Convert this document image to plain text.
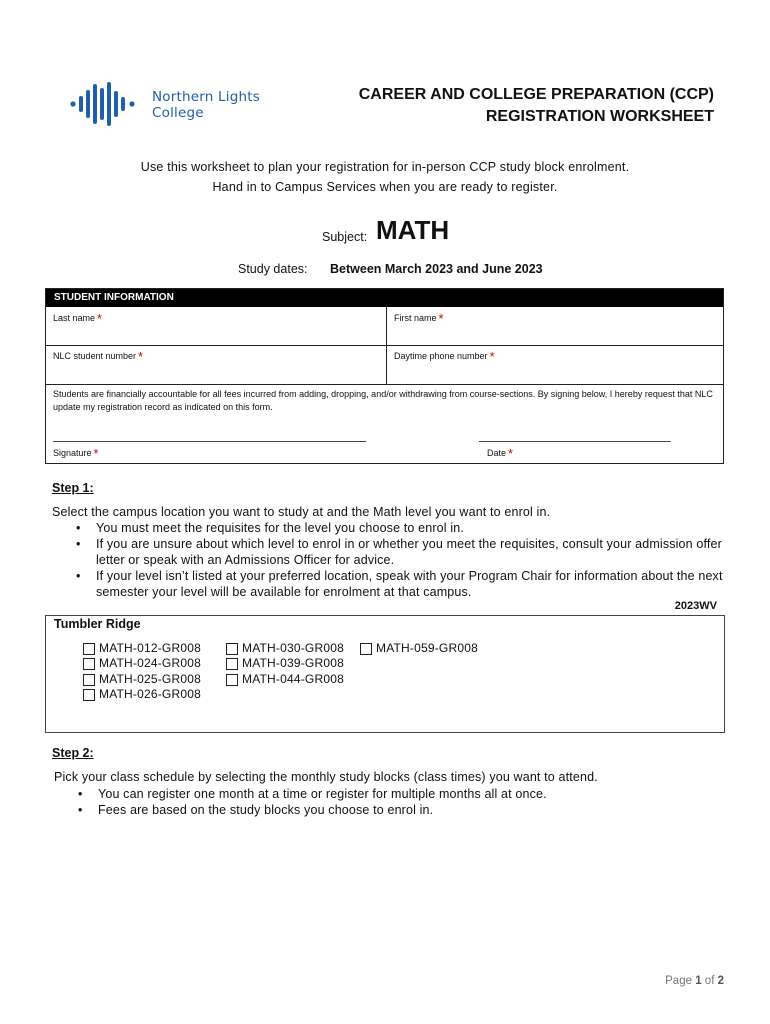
Northern Lights
College
CAREER AND COLLEGE PREPARATION (CCP)
REGISTRATION WORKSHEET
Use this worksheet to plan your registration for in-person CCP study block enrolment.
Hand in to Campus Services when you are ready to register.
Subject: MATH
Study dates: Between March 2023 and June 2023
STUDENT INFORMATION
Last name *	First name *
NLC student number *	Daytime phone number *
Students are financially accountable for all fees incurred from adding, dropping, and/or withdrawing from course-sections. By signing below, I hereby request that NLC update my registration record as indicated on this form.
Signature *	Date *
Step 1:
Select the campus location you want to study at and the Math level you want to enrol in.
• You must meet the requisites for the level you choose to enrol in.
• If you are unsure about which level to enrol in or whether you meet the requisites, consult your admission offer letter or speak with an Admissions Officer for advice.
• If your level isn’t listed at your preferred location, speak with your Program Chair for information about the next semester your level will be available for enrolment at that campus.
2023WV
Tumbler Ridge
MATH-012-GR008
MATH-024-GR008
MATH-025-GR008
MATH-026-GR008
MATH-030-GR008
MATH-039-GR008
MATH-044-GR008
MATH-059-GR008
Step 2:
Pick your class schedule by selecting the monthly study blocks (class times) you want to attend.
• You can register one month at a time or register for multiple months all at once.
• Fees are based on the study blocks you choose to enrol in.
Page 1 of 2
